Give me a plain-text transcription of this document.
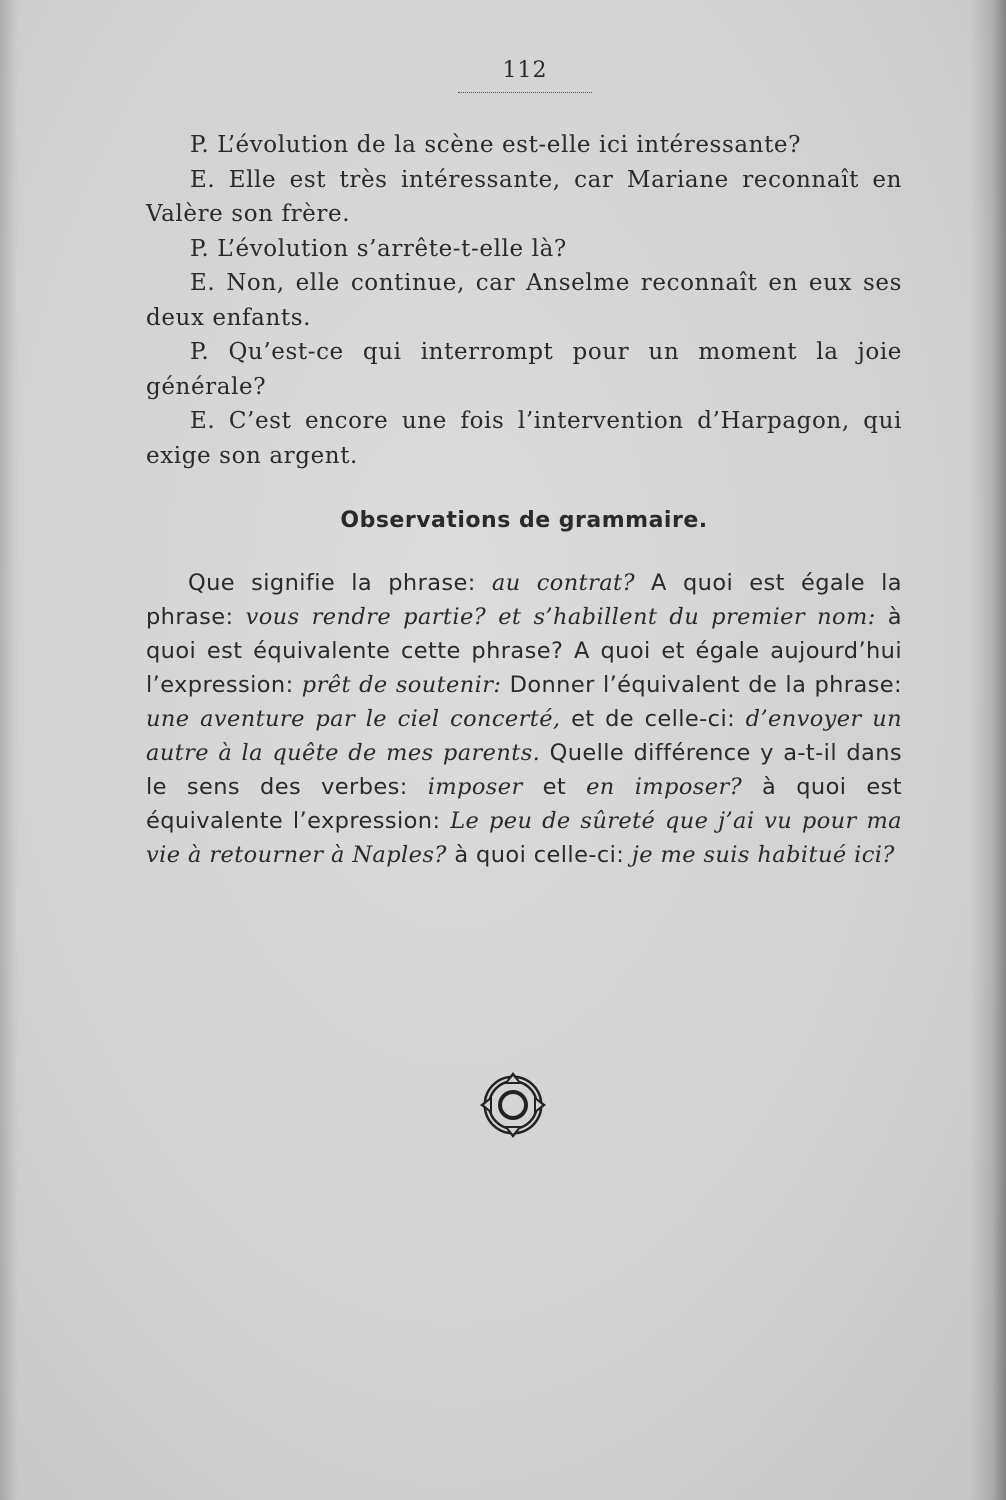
112

P. L’évolution de la scène est-elle ici intéressante?

E. Elle est très intéressante, car Mariane reconnaît en Valère son frère.

P. L’évolution s’arrête-t-elle là?

E. Non, elle continue, car Anselme reconnaît en eux ses deux enfants.

P. Qu’est-ce qui interrompt pour un moment la joie générale?

E. C’est encore une fois l’intervention d’Harpagon, qui exige son argent.

Observations de grammaire.
Que signifie la phrase: au contrat? A quoi est égale la phrase: vous rendre partie? et s’habillent du premier nom: à quoi est équivalente cette phrase? A quoi et égale aujourd’hui l’expression: prêt de soutenir: Donner l’équivalent de la phrase: une aventure par le ciel concerté, et de celle-ci: d’envoyer un autre à la quête de mes parents. Quelle différence y a-t-il dans le sens des verbes: imposer et en imposer? à quoi est équivalente l’expression: Le peu de sûreté que j’ai vu pour ma vie à retourner à Naples? à quoi celle-ci: je me suis habitué ici?
